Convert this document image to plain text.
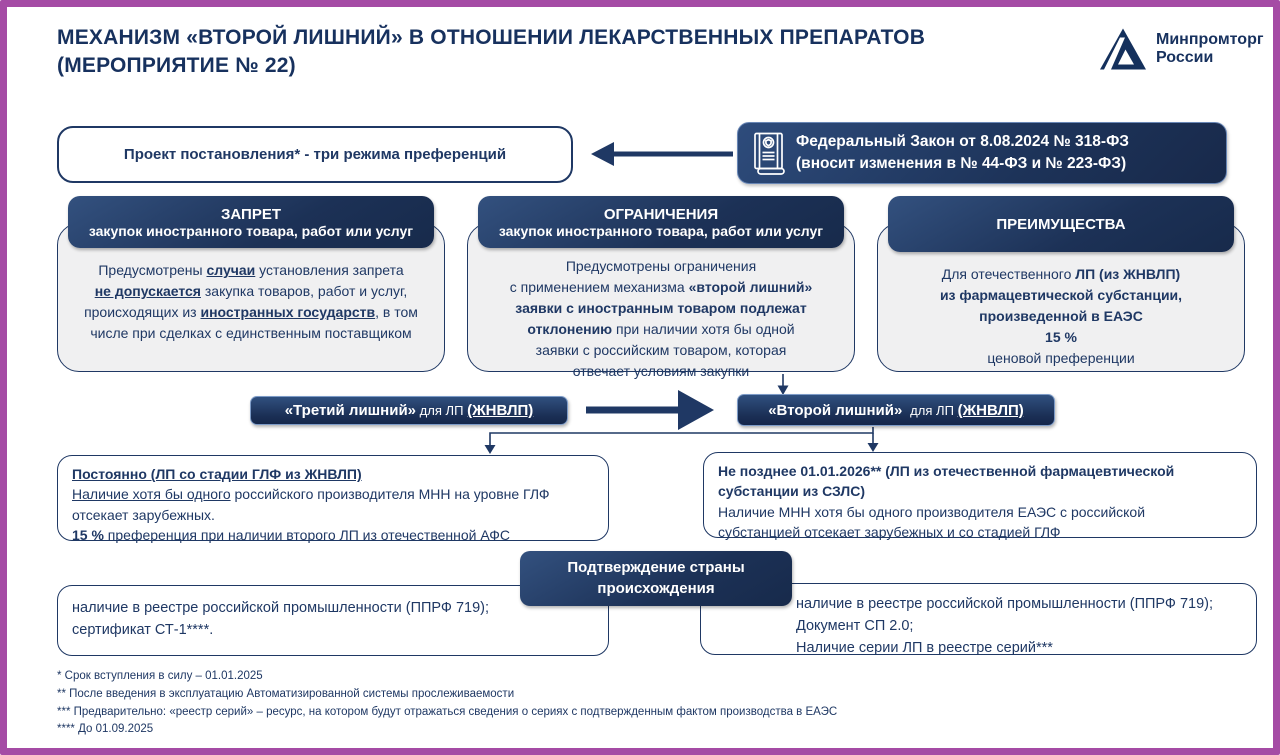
МЕХАНИЗМ «ВТОРОЙ ЛИШНИЙ» В ОТНОШЕНИИ ЛЕКАРСТВЕННЫХ ПРЕПАРАТОВ
(МЕРОПРИЯТИЕ № 22)
Минпромторг
России
Проект постановления* - три режима преференций
Федеральный Закон от 8.08.2024 № 318-ФЗ
(вносит изменения в № 44-ФЗ и № 223-ФЗ)
ЗАПРЕТ
закупок иностранного товара, работ или услуг
Предусмотрены случаи установления запрета
не допускается закупка товаров, работ и услуг,
происходящих из иностранных государств, в том
числе при сделках с единственным поставщиком
ОГРАНИЧЕНИЯ
закупок иностранного товара, работ или услуг
Предусмотрены ограничения
с применением механизма «второй лишний»
заявки с иностранным товаром подлежат
отклонению при наличии хотя бы одной
заявки с российским товаром, которая
отвечает условиям закупки
ПРЕИМУЩЕСТВА
Для отечественного ЛП (из ЖНВЛП)
из фармацевтической субстанции,
произведенной в ЕАЭС
15 %
ценовой преференции
«Третий лишний» для ЛП (ЖНВЛП)	«Второй лишний» для ЛП (ЖНВЛП)
Постоянно (ЛП со стадии ГЛФ из ЖНВЛП)
Наличие хотя бы одного российского производителя МНН на уровне ГЛФ
отсекает зарубежных.
15 % преференция при наличии второго ЛП из отечественной АФС
Не позднее 01.01.2026** (ЛП из отечественной фармацевтической
субстанции из СЗЛС)
Наличие МНН хотя бы одного производителя ЕАЭС с российской
субстанцией отсекает зарубежных и со стадией ГЛФ
Подтверждение страны происхождения
наличие в реестре российской промышленности (ППРФ 719);
сертификат СТ-1****.
наличие в реестре российской промышленности (ППРФ 719);
Документ СП 2.0;
Наличие серии ЛП в реестре серий***
* Срок вступления в силу – 01.01.2025
** После введения в эксплуатацию Автоматизированной системы прослеживаемости
*** Предварительно: «реестр серий» – ресурс, на котором будут отражаться сведения о сериях с подтвержденным фактом производства в ЕАЭС
**** До 01.09.2025
